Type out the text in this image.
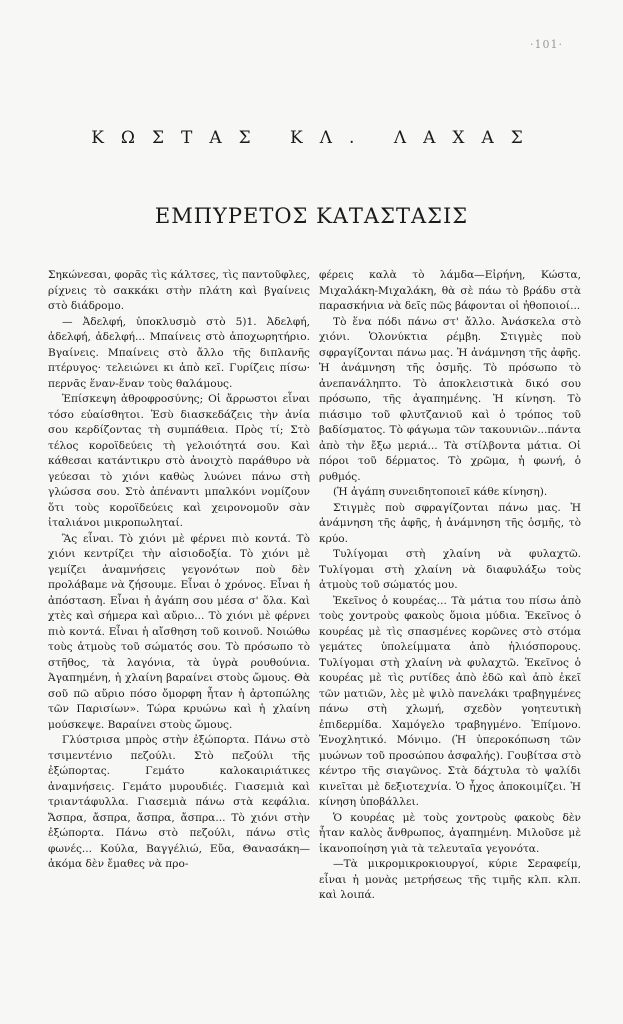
·101·
ΚΩΣΤΑΣ ΚΛ. ΛΑΧΑΣ
ΕΜΠΥΡΕΤΟΣ ΚΑΤΑΣΤΑΣΙΣ

Σηκώνεσαι, φορᾶς τὶς κάλτσες, τὶς παντοῦφλες, ρίχνεις τὸ σακκάκι στὴν πλάτη καὶ βγαίνεις στὸ διάδρομο.

— Ἀδελφή, ὑποκλυσμὸ στὸ 5)1. Ἀδελφή, ἀδελφή, ἀδελφή... Μπαίνεις στὸ ἀποχωρητήριο. Βγαίνεις. Μπαίνεις στὸ ἄλλο τῆς διπλανῆς πτέρυγος· τελειώνει κι ἀπὸ κεῖ. Γυρίζεις πίσω· περνᾶς ἕναν-ἕναν τοὺς θαλάμους.

Ἐπίσκεψη ἀθροφροσύνης; Οἱ ἄρρωστοι εἶναι τόσο εὐαίσθητοι. Ἐσὺ διασκεδάζεις τὴν ἀνία σου κερδίζοντας τὴ συμπάθεια. Πρὸς τί; Στὸ τέλος κοροϊδεύεις τὴ γελοιότητά σου. Καὶ κάθεσαι κατάντικρυ στὸ ἀνοιχτὸ παράθυρο νὰ γεύεσαι τὸ χιόνι καθὼς λυώνει πάνω στὴ γλώσσα σου. Στὸ ἀπέναντι μπαλκόνι νομίζουν ὅτι τοὺς κοροϊδεύεις καὶ χειρονομοῦν σὰν ἰταλιάνοι μικροπωληταί.

Ἂς εἶναι. Τὸ χιόνι μὲ φέρνει πιὸ κοντά. Τὸ χιόνι κεντρίζει τὴν αἰσιοδοξία. Τὸ χιόνι μὲ γεμίζει ἀναμνήσεις γεγονότων ποὺ δὲν προλάβαμε νὰ ζήσουμε. Εἶναι ὁ χρόνος. Εἶναι ἡ ἀπόσταση. Εἶναι ἡ ἀγάπη σου μέσα σ' ὅλα. Καὶ χτὲς καὶ σήμερα καὶ αὔριο... Τὸ χιόνι μὲ φέρνει πιὸ κοντά. Εἶναι ἡ αἴσθηση τοῦ κοινοῦ. Νοιώθω τοὺς ἀτμοὺς τοῦ σώματός σου. Τὸ πρόσωπο τὸ στῆθος, τὰ λαγόνια, τὰ ὑγρὰ ρουθούνια. Ἀγαπημένη, ἡ χλαίνη βαραίνει στοὺς ὤμους. Θὰ σοῦ πῶ αὔριο πόσο ὄμορφη ἦταν ἡ ἀρτοπώλης τῶν Παρισίων». Τώρα κρυώνω καὶ ἡ χλαίνη μούσκεψε. Βαραίνει στοὺς ὤμους.

Γλύστρισα μπρὸς στὴν ἐξώπορτα. Πάνω στὸ τσιμεντένιο πεζούλι. Στὸ πεζούλι τῆς ἐξώπορτας. Γεμάτο καλοκαιριάτικες ἀναμνήσεις. Γεμάτο μυρουδιές. Γιασεμιὰ καὶ τριαντάφυλλα. Γιασεμιὰ πάνω στὰ κεφάλια. Ἄσπρα, ἄσπρα, ἄσπρα, ἄσπρα... Τὸ χιόνι στὴν ἐξώπορτα. Πάνω στὸ πεζούλι, πάνω στὶς φωνές... Κούλα, Βαγγέλιώ, Εὔα, Θανασάκη—ἀκόμα δὲν ἔμαθες νὰ προ-

φέρεις καλὰ τὸ λάμδα—Εἰρήνη, Κώστα, Μιχαλάκη-Μιχαλάκη, θὰ σὲ πάω τὸ βράδυ στὰ παρασκήνια νὰ δεῖς πῶς βάφονται οἱ ἠθοποιοί...

Τὸ ἕνα πόδι πάνω στ' ἄλλο. Ἀνάσκελα στὸ χιόνι. Ὁλονύκτια ρέμβη. Στιγμὲς ποὺ σφραγίζονται πάνω μας. Ἡ ἀνάμνηση τῆς ἀφῆς. Ἡ ἀνάμνηση τῆς ὀσμῆς. Τὸ πρόσωπο τὸ ἀνεπανάληπτο. Τὸ ἀποκλειστικὰ δικό σου πρόσωπο, τῆς ἀγαπημένης. Ἡ κίνηση. Τὸ πιάσιμο τοῦ φλυτζανιοῦ καὶ ὁ τρόπος τοῦ βαδίσματος. Τὸ φάγωμα τῶν τακουνιῶν...πάντα ἀπὸ τὴν ἔξω μεριά... Τὰ στίλβοντα μάτια. Οἱ πόροι τοῦ δέρματος. Τὸ χρῶμα, ἡ φωνή, ὁ ρυθμός.

(Ἡ ἀγάπη συνειδητοποιεῖ κάθε κίνηση).

Στιγμὲς ποὺ σφραγίζονται πάνω μας. Ἡ ἀνάμνηση τῆς ἀφῆς, ἡ ἀνάμνηση τῆς ὀσμῆς, τὸ κρύο.

Τυλίγομαι στὴ χλαίνη νὰ φυλαχτῶ. Τυλίγομαι στὴ χλαίνη νὰ διαφυλάξω τοὺς ἀτμοὺς τοῦ σώματός μου.

Ἐκεῖνος ὁ κουρέας... Τὰ μάτια του πίσω ἀπὸ τοὺς χοντροὺς φακοὺς ὅμοια μύδια. Ἐκεῖνος ὁ κουρέας μὲ τὶς σπασμένες κορῶνες στὸ στόμα γεμάτες ὑπολείμματα ἀπὸ ἡλιόσπορους. Τυλίγομαι στὴ χλαίνη νὰ φυλαχτῶ. Ἐκεῖνος ὁ κουρέας μὲ τὶς ρυτίδες ἀπὸ ἐδῶ καὶ ἀπὸ ἐκεῖ τῶν ματιῶν, λὲς μὲ ψιλὸ πανελάκι τραβηγμένες πάνω στὴ χλωμή, σχεδὸν γοητευτικὴ ἐπιδερμίδα. Χαμόγελο τραβηγμένο. Ἐπίμονο. Ἐνοχλητικό. Μόνιμο. (Ἡ ὑπεροκόπωση τῶν μυώνων τοῦ προσώπου ἀσφαλής). Γουβίτσα στὸ κέντρο τῆς σιαγῶνος. Στὰ δάχτυλα τὸ ψαλίδι κινεῖται μὲ δεξιοτεχνία. Ὁ ἦχος ἀποκοιμίζει. Ἡ κίνηση ὑποβάλλει.

Ὁ κουρέας μὲ τοὺς χοντροὺς φακοὺς δὲν ἦταν καλὸς ἄνθρωπος, ἀγαπημένη. Μιλοῦσε μὲ ἱκανοποίηση γιὰ τὰ τελευταῖα γεγονότα.

—Τὰ μικρομικροκιουργοί, κύριε Σεραφείμ, εἶναι ἡ μονὰς μετρήσεως τῆς τιμῆς κλπ. κλπ. καὶ λοιπά.
